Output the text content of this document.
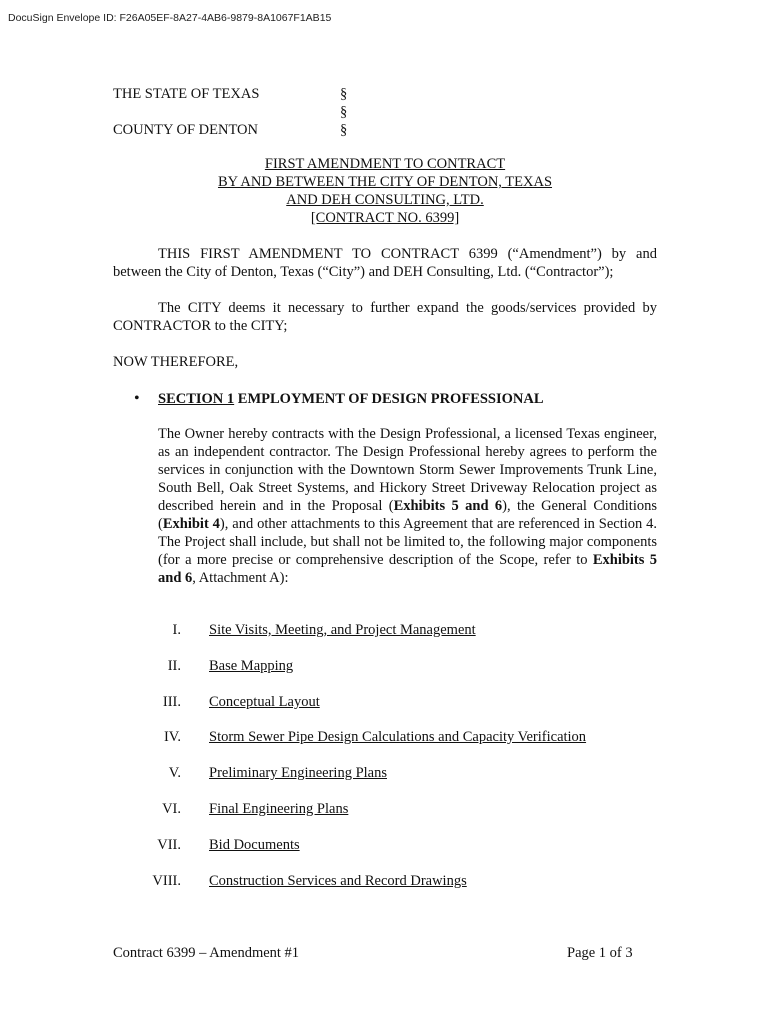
DocuSign Envelope ID: F26A05EF-8A27-4AB6-9879-8A1067F1AB15
THE STATE OF TEXAS
COUNTY OF DENTON
§
§
§
FIRST AMENDMENT TO CONTRACT
BY AND BETWEEN THE CITY OF DENTON, TEXAS
AND DEH CONSULTING, LTD.
[CONTRACT NO. 6399]
THIS FIRST AMENDMENT TO CONTRACT 6399 (“Amendment”) by and between the City of Denton, Texas (“City”) and DEH Consulting, Ltd. (“Contractor”);
The CITY deems it necessary to further expand the goods/services provided by CONTRACTOR to the CITY;
NOW THEREFORE,
• SECTION 1 EMPLOYMENT OF DESIGN PROFESSIONAL
The Owner hereby contracts with the Design Professional, a licensed Texas engineer, as an independent contractor. The Design Professional hereby agrees to perform the services in conjunction with the Downtown Storm Sewer Improvements Trunk Line, South Bell, Oak Street Systems, and Hickory Street Driveway Relocation project as described herein and in the Proposal (Exhibits 5 and 6), the General Conditions (Exhibit 4), and other attachments to this Agreement that are referenced in Section 4. The Project shall include, but shall not be limited to, the following major components (for a more precise or comprehensive description of the Scope, refer to Exhibits 5 and 6, Attachment A):
I. Site Visits, Meeting, and Project Management
II. Base Mapping
III. Conceptual Layout
IV. Storm Sewer Pipe Design Calculations and Capacity Verification
V. Preliminary Engineering Plans
VI. Final Engineering Plans
VII. Bid Documents
VIII. Construction Services and Record Drawings
Contract 6399 – Amendment #1	Page 1 of 3
